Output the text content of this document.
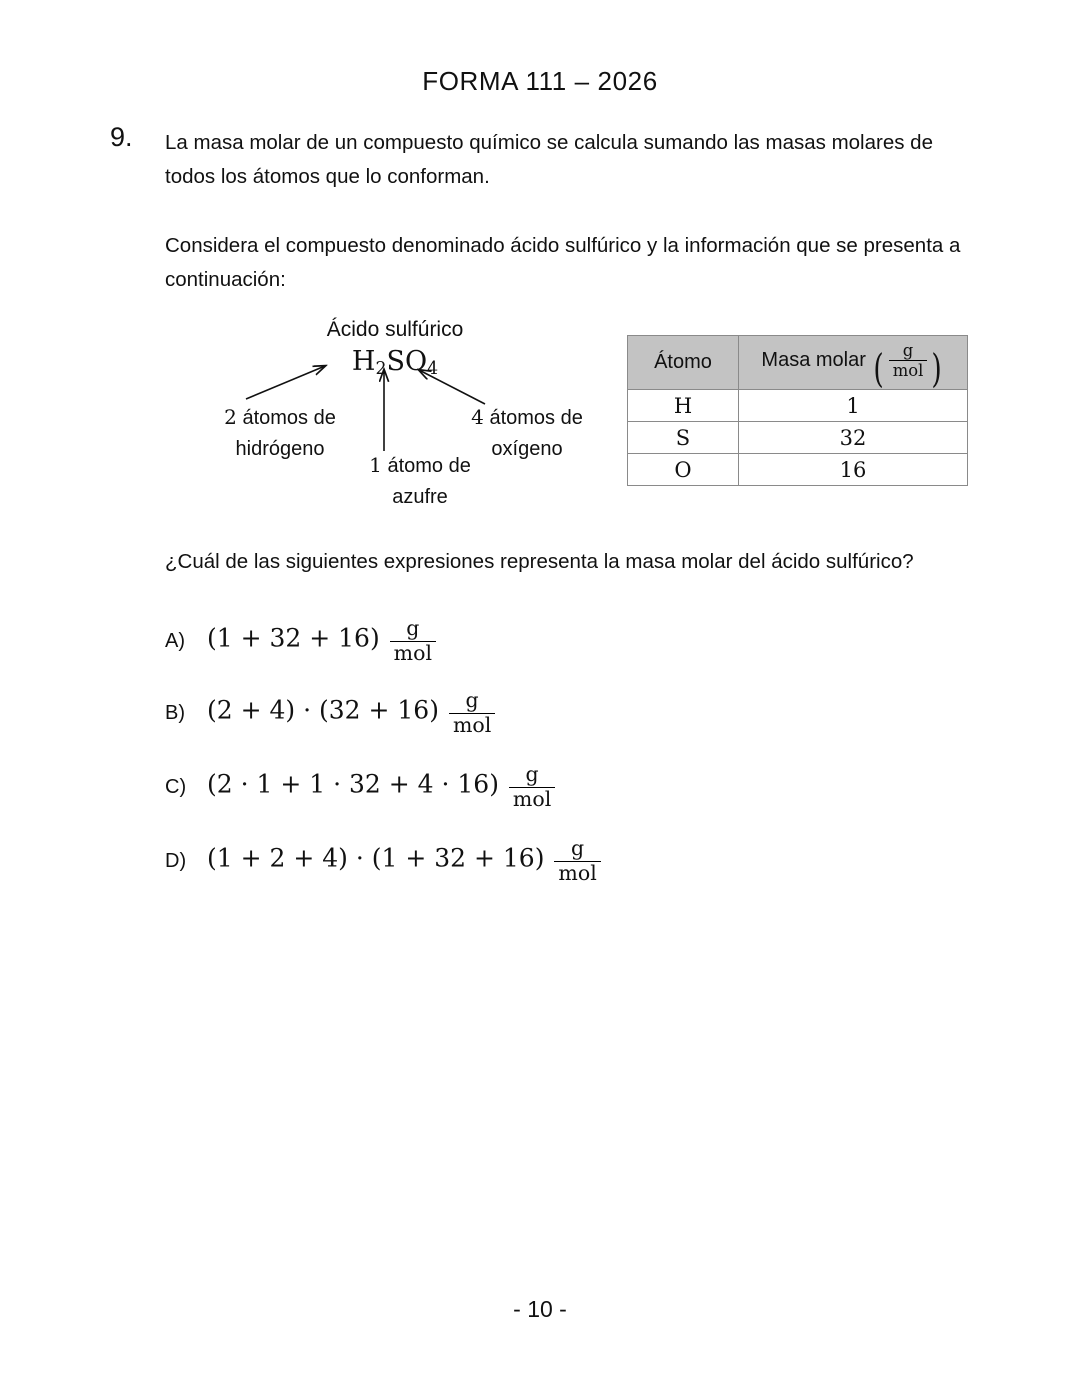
FORMA 111 – 2026
9. La masa molar de un compuesto químico se calcula sumando las masas molares de todos los átomos que lo conforman.
Considera el compuesto denominado ácido sulfúrico y la información que se presenta a continuación:
Ácido sulfúrico
$H_2SO_4$
2 átomos de
hidrógeno
1 átomo de
azufre
4 átomos de
oxígeno
Átomo	Masa molar ( $\frac{g}{\text{mol}}$ )
H	1
S	32
O	16
¿Cuál de las siguientes expresiones representa la masa molar del ácido sulfúrico?
A) $(1 + 32 + 16) \frac{g}{\text{mol}}$
B) $(2 + 4) \cdot (32 + 16) \frac{g}{\text{mol}}$
C) $(2 \cdot 1 + 1 \cdot 32 + 4 \cdot 16) \frac{g}{\text{mol}}$
D) $(1 + 2 + 4) \cdot (1 + 32 + 16) \frac{g}{\text{mol}}$
- 10 -
